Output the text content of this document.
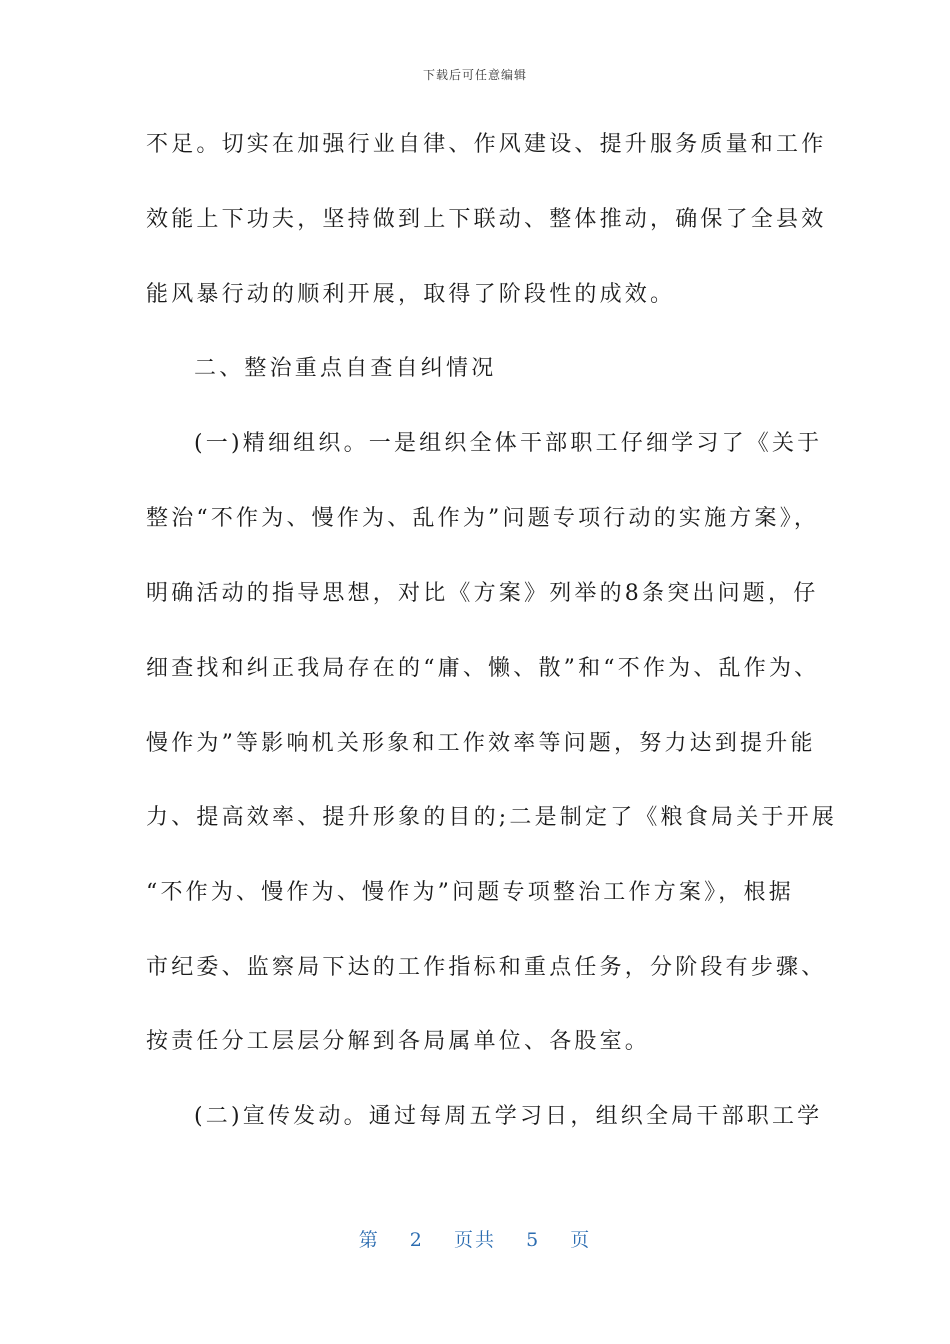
下载后可任意编辑
不足。切实在加强行业自律、作风建设、提升服务质量和工作
效能上下功夫，坚持做到上下联动、整体推动，确保了全县效
能风暴行动的顺利开展，取得了阶段性的成效。
二、整治重点自查自纠情况
(一)精细组织。一是组织全体干部职工仔细学习了《关于
整治“不作为、慢作为、乱作为”问题专项行动的实施方案》，
明确活动的指导思想，对比《方案》列举的8条突出问题，仔
细查找和纠正我局存在的“庸、懒、散”和“不作为、乱作为、
慢作为”等影响机关形象和工作效率等问题，努力达到提升能
力、提高效率、提升形象的目的;二是制定了《粮食局关于开展
“不作为、慢作为、慢作为”问题专项整治工作方案》，根据
市纪委、监察局下达的工作指标和重点任务，分阶段有步骤、
按责任分工层层分解到各局属单位、各股室。
(二)宣传发动。通过每周五学习日，组织全局干部职工学
第 2 页共 5 页
